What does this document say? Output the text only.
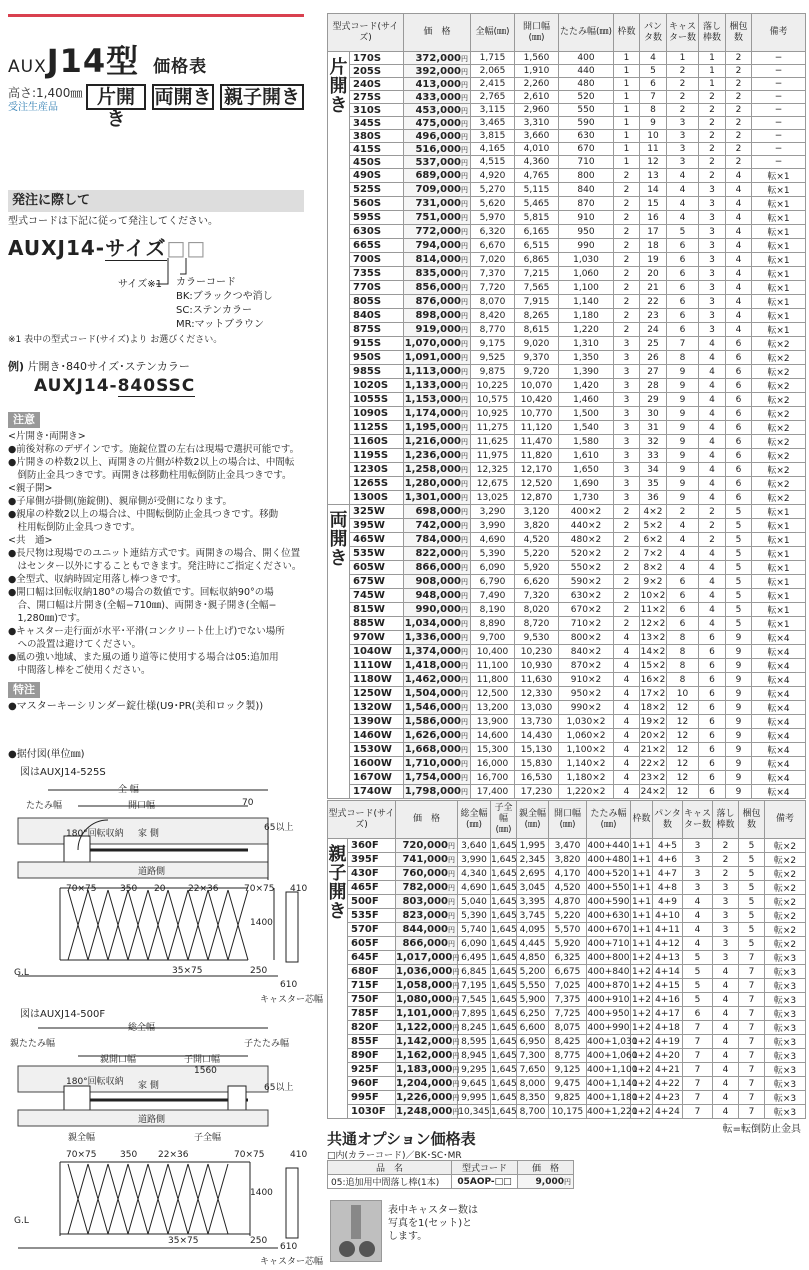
AUXJ14型 価格表
高さ:1,400㎜
受注生産品	片開き
両開き 親子開き
発注に際して
型式コードは下記に従って発注してください。
AUXJ14-サイズ□□
サイズ※1 カラーコード
BK:ブラックつや消し
SC:ステンカラー
MR:マットブラウン
※1 表中の型式コード(サイズ)より お選びください。
例) 片開き･840サイズ･ステンカラー
AUXJ14-840SSC
注意
<片開き･両開き>
●前後対称のデザインです。施錠位置の左右は現場で選択可能です。
●片開きの枠数2以上、両開きの片側が枠数2以上の場合は、中間転
　倒防止金具つきです。両開きは移動柱用転倒防止金具つきです。
<親子開>
●子扉側が掛側(施錠側)、親扉側が受側になります。
●親扉の枠数2以上の場合は、中間転倒防止金具つきです。移動
　柱用転倒防止金具つきです。
<共　通>
●長尺物は現場でのユニット連結方式です。両開きの場合、開く位置
　はセンター以外にすることもできます。発注時にご指定ください。
●全型式、収納時固定用落し棒つきです。
●開口幅は回転収納180°の場合の数値です。回転収納90°の場
　合、開口幅は片開き(全幅−710㎜)、両開き･親子開き(全幅−
　1,280㎜)です。
●キャスター走行面が水平･平滑(コンクリート仕上げ)でない場所
　への設置は避けてください。
●風の強い地域、また風の通り道等に使用する場合は05:追加用
　中間落し棒をご使用ください。
特注
●マスターキーシリンダー錠仕様(U9･PR(美和ロック製))
●据付図(単位㎜)
図はAUXJ14-525S
全 幅
開口幅
たたみ幅	70
180°回転収納 家 側
道路側
65以上
70×75	350 20	22×36	70×75 410
1400
250
G.L	35×75
610
キャスター芯幅
図はAUXJ14-500F
総全幅
親たたみ幅	子たたみ幅
親開口幅	子開口幅
1560
180°回転収納 家 側	65以上
道路側
親全幅	子全幅
70×75	350 22×36	70×75	410
1400
G.L
35×75	250
610
キャスター芯幅
型式コード(サイズ)		価　格	全幅(㎜)	開口幅(㎜)	たたみ幅(㎜)	枠数	パンタ数	キャスター数	落し棒数	梱包数	備考
片開き	170S	372,000円	1,715	1,560	400	1	4	1	1	2	−
	205S	392,000円	2,065	1,910	440	1	5	2	1	2	−
	240S	413,000円	2,415	2,260	480	1	6	2	1	2	−
	275S	433,000円	2,765	2,610	520	1	7	2	2	2	−
	310S	453,000円	3,115	2,960	550	1	8	2	2	2	−
	345S	475,000円	3,465	3,310	590	1	9	3	2	2	−
	380S	496,000円	3,815	3,660	630	1	10	3	2	2	−
	415S	516,000円	4,165	4,010	670	1	11	3	2	2	−
	450S	537,000円	4,515	4,360	710	1	12	3	2	2	−
	490S	689,000円	4,920	4,765	800	2	13	4	2	4	転×1
	525S	709,000円	5,270	5,115	840	2	14	4	3	4	転×1
	560S	731,000円	5,620	5,465	870	2	15	4	3	4	転×1
	595S	751,000円	5,970	5,815	910	2	16	4	3	4	転×1
	630S	772,000円	6,320	6,165	950	2	17	5	3	4	転×1
	665S	794,000円	6,670	6,515	990	2	18	6	3	4	転×1
	700S	814,000円	7,020	6,865	1,030	2	19	6	3	4	転×1
	735S	835,000円	7,370	7,215	1,060	2	20	6	3	4	転×1
	770S	856,000円	7,720	7,565	1,100	2	21	6	3	4	転×1
	805S	876,000円	8,070	7,915	1,140	2	22	6	3	4	転×1
	840S	898,000円	8,420	8,265	1,180	2	23	6	3	4	転×1
	875S	919,000円	8,770	8,615	1,220	2	24	6	3	4	転×1
	915S	1,070,000円	9,175	9,020	1,310	3	25	7	4	6	転×2
	950S	1,091,000円	9,525	9,370	1,350	3	26	8	4	6	転×2
	985S	1,113,000円	9,875	9,720	1,390	3	27	9	4	6	転×2
	1020S	1,133,000円	10,225	10,070	1,420	3	28	9	4	6	転×2
	1055S	1,153,000円	10,575	10,420	1,460	3	29	9	4	6	転×2
	1090S	1,174,000円	10,925	10,770	1,500	3	30	9	4	6	転×2
	1125S	1,195,000円	11,275	11,120	1,540	3	31	9	4	6	転×2
	1160S	1,216,000円	11,625	11,470	1,580	3	32	9	4	6	転×2
	1195S	1,236,000円	11,975	11,820	1,610	3	33	9	4	6	転×2
	1230S	1,258,000円	12,325	12,170	1,650	3	34	9	4	6	転×2
	1265S	1,280,000円	12,675	12,520	1,690	3	35	9	4	6	転×2
	1300S	1,301,000円	13,025	12,870	1,730	3	36	9	4	6	転×2
両開き	325W	698,000円	3,290	3,120	400×2	2	4×2	2	2	5	転×1
	395W	742,000円	3,990	3,820	440×2	2	5×2	4	2	5	転×1
	465W	784,000円	4,690	4,520	480×2	2	6×2	4	2	5	転×1
	535W	822,000円	5,390	5,220	520×2	2	7×2	4	4	5	転×1
	605W	866,000円	6,090	5,920	550×2	2	8×2	4	4	5	転×1
	675W	908,000円	6,790	6,620	590×2	2	9×2	6	4	5	転×1
	745W	948,000円	7,490	7,320	630×2	2	10×2	6	4	5	転×1
	815W	990,000円	8,190	8,020	670×2	2	11×2	6	4	5	転×1
	885W	1,034,000円	8,890	8,720	710×2	2	12×2	6	4	5	転×1
	970W	1,336,000円	9,700	9,530	800×2	4	13×2	8	6	9	転×4
	1040W	1,374,000円	10,400	10,230	840×2	4	14×2	8	6	9	転×4
	1110W	1,418,000円	11,100	10,930	870×2	4	15×2	8	6	9	転×4
	1180W	1,462,000円	11,800	11,630	910×2	4	16×2	8	6	9	転×4
	1250W	1,504,000円	12,500	12,330	950×2	4	17×2	10	6	9	転×4
	1320W	1,546,000円	13,200	13,030	990×2	4	18×2	12	6	9	転×4
	1390W	1,586,000円	13,900	13,730	1,030×2	4	19×2	12	6	9	転×4
	1460W	1,626,000円	14,600	14,430	1,060×2	4	20×2	12	6	9	転×4
	1530W	1,668,000円	15,300	15,130	1,100×2	4	21×2	12	6	9	転×4
	1600W	1,710,000円	16,000	15,830	1,140×2	4	22×2	12	6	9	転×4
	1670W	1,754,000円	16,700	16,530	1,180×2	4	23×2	12	6	9	転×4
	1740W	1,798,000円	17,400	17,230	1,220×2	4	24×2	12	6	9	転×4
型式コード(サイズ)		価　格	総全幅(㎜)	子全幅(㎜)	親全幅(㎜)	開口幅(㎜)	たたみ幅(㎜)	枠数	パンタ数	キャスター数	落し棒数	梱包数	備考
親子開き	360F	720,000円	3,640	1,645	1,995	3,470	400+440	1+1	4+5	3	2	5	転×2
	395F	741,000円	3,990	1,645	2,345	3,820	400+480	1+1	4+6	3	2	5	転×2
	430F	760,000円	4,340	1,645	2,695	4,170	400+520	1+1	4+7	3	2	5	転×2
	465F	782,000円	4,690	1,645	3,045	4,520	400+550	1+1	4+8	3	3	5	転×2
	500F	803,000円	5,040	1,645	3,395	4,870	400+590	1+1	4+9	4	3	5	転×2
	535F	823,000円	5,390	1,645	3,745	5,220	400+630	1+1	4+10	4	3	5	転×2
	570F	844,000円	5,740	1,645	4,095	5,570	400+670	1+1	4+11	4	3	5	転×2
	605F	866,000円	6,090	1,645	4,445	5,920	400+710	1+1	4+12	4	3	5	転×2
	645F	1,017,000円	6,495	1,645	4,850	6,325	400+800	1+2	4+13	5	3	7	転×3
	680F	1,036,000円	6,845	1,645	5,200	6,675	400+840	1+2	4+14	5	4	7	転×3
	715F	1,058,000円	7,195	1,645	5,550	7,025	400+870	1+2	4+15	5	4	7	転×3
	750F	1,080,000円	7,545	1,645	5,900	7,375	400+910	1+2	4+16	5	4	7	転×3
	785F	1,101,000円	7,895	1,645	6,250	7,725	400+950	1+2	4+17	6	4	7	転×3
	820F	1,122,000円	8,245	1,645	6,600	8,075	400+990	1+2	4+18	7	4	7	転×3
	855F	1,142,000円	8,595	1,645	6,950	8,425	400+1,030	1+2	4+19	7	4	7	転×3
	890F	1,162,000円	8,945	1,645	7,300	8,775	400+1,060	1+2	4+20	7	4	7	転×3
	925F	1,183,000円	9,295	1,645	7,650	9,125	400+1,100	1+2	4+21	7	4	7	転×3
	960F	1,204,000円	9,645	1,645	8,000	9,475	400+1,140	1+2	4+22	7	4	7	転×3
	995F	1,226,000円	9,995	1,645	8,350	9,825	400+1,180	1+2	4+23	7	4	7	転×3
	1030F	1,248,000円	10,345	1,645	8,700	10,175	400+1,220	1+2	4+24	7	4	7	転×3
転=転倒防止金具
共通オプション価格表
□内(カラーコード)／BK･SC･MR
品　名	型式コード	価　格
05:追加用中間落し棒(1本)	05AOP-□□	9,000円
表中キャスター数は
写真を1(セット)と
します。
